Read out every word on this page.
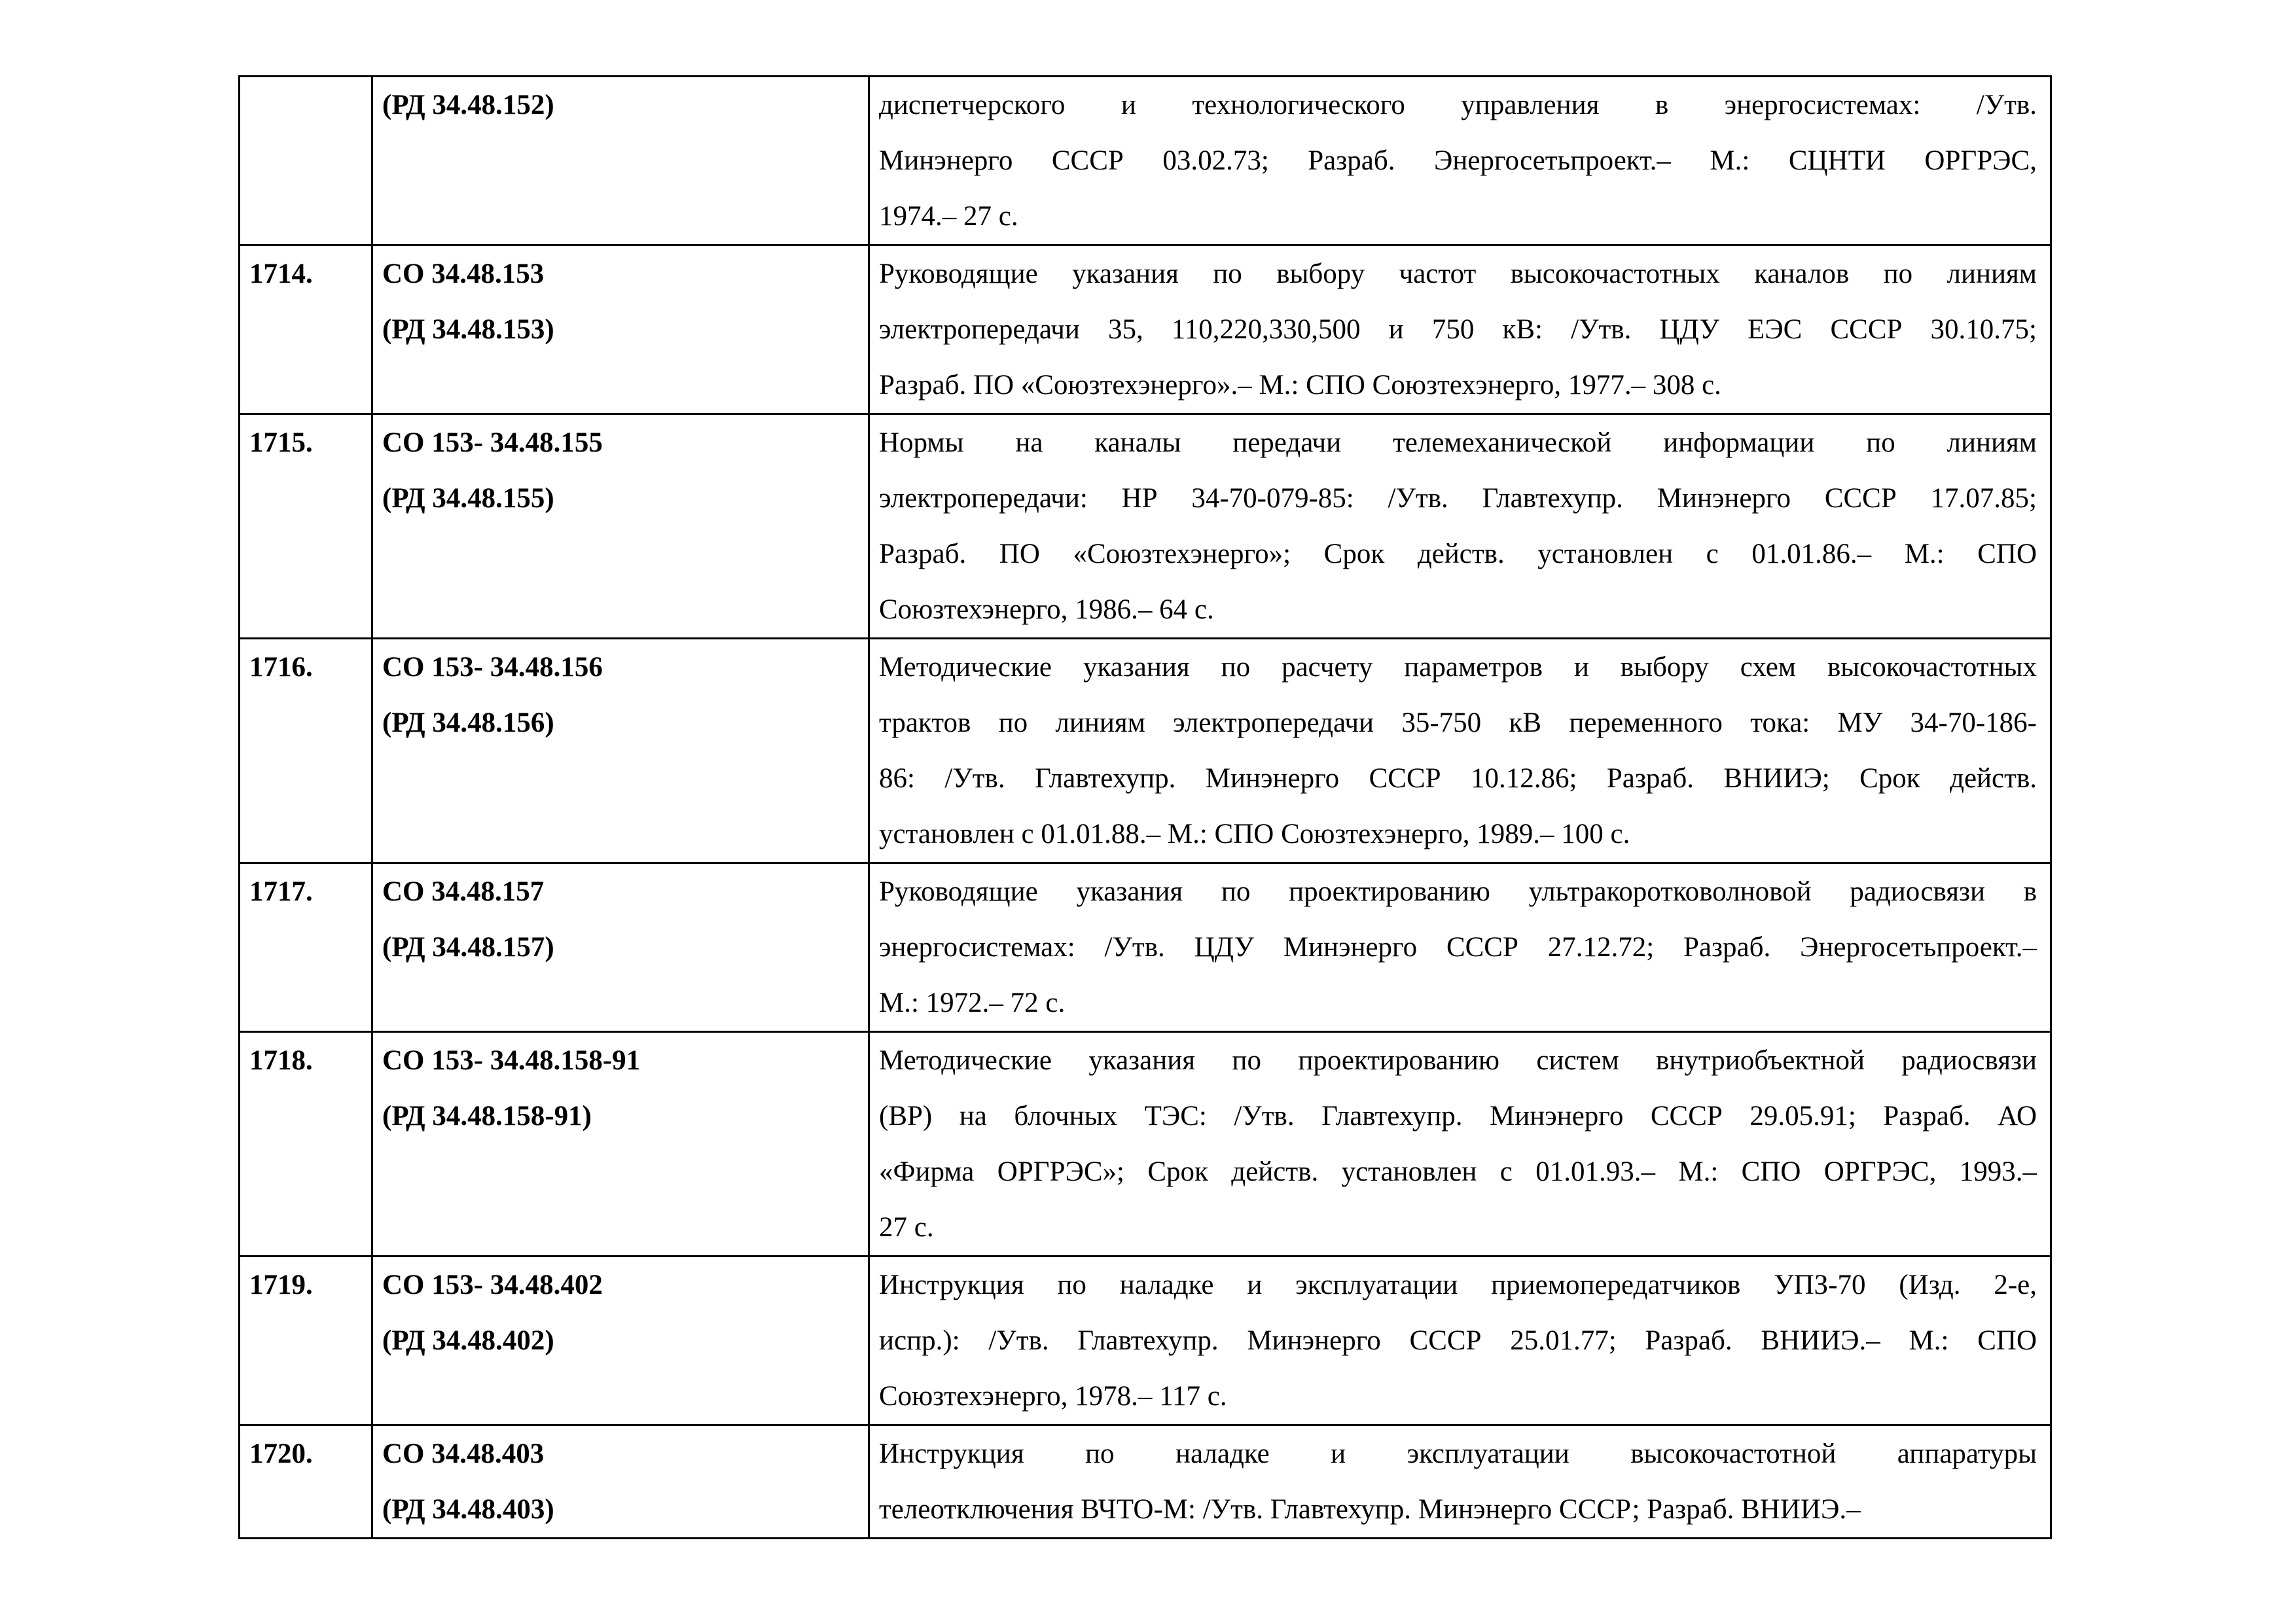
	(РД 34.48.152)	диспетчерского и технологического управления в энергосистемах: /Утв.
Минэнерго СССР 03.02.73; Разраб. Энергосетьпроект.– М.: СЦНТИ ОРГРЭС,
1974.– 27 с.

1714.	СО 34.48.153
(РД 34.48.153)	Руководящие указания по выбору частот высокочастотных каналов по линиям
электропередачи 35, 110,220,330,500 и 750 кВ: /Утв. ЦДУ ЕЭС СССР 30.10.75;
Разраб. ПО «Союзтехэнерго».– М.: СПО Союзтехэнерго, 1977.– 308 с.

1715.	СО 153- 34.48.155
(РД 34.48.155)	Нормы на каналы передачи телемеханической информации по линиям
электропередачи: НР 34-70-079-85: /Утв. Главтехупр. Минэнерго СССР 17.07.85;
Разраб. ПО «Союзтехэнерго»; Срок действ. установлен с 01.01.86.– М.: СПО
Союзтехэнерго, 1986.– 64 с.

1716.	СО 153- 34.48.156
(РД 34.48.156)	Методические указания по расчету параметров и выбору схем высокочастотных
трактов по линиям электропередачи 35-750 кВ переменного тока: МУ 34-70-186-
86: /Утв. Главтехупр. Минэнерго СССР 10.12.86; Разраб. ВНИИЭ; Срок действ.
установлен с 01.01.88.– М.: СПО Союзтехэнерго, 1989.– 100 с.

1717.	СО 34.48.157
(РД 34.48.157)	Руководящие указания по проектированию ультракоротковолновой радиосвязи в
энергосистемах: /Утв. ЦДУ Минэнерго СССР 27.12.72; Разраб. Энергосетьпроект.–
М.: 1972.– 72 с.

1718.	СО 153- 34.48.158-91
(РД 34.48.158-91)	Методические указания по проектированию систем внутриобъектной радиосвязи
(ВР) на блочных ТЭС: /Утв. Главтехупр. Минэнерго СССР 29.05.91; Разраб. АО
«Фирма ОРГРЭС»; Срок действ. установлен с 01.01.93.– М.: СПО ОРГРЭС, 1993.–
27 с.

1719.	СО 153- 34.48.402
(РД 34.48.402)	Инструкция по наладке и эксплуатации приемопередатчиков УПЗ-70 (Изд. 2-е,
испр.): /Утв. Главтехупр. Минэнерго СССР 25.01.77; Разраб. ВНИИЭ.– М.: СПО
Союзтехэнерго, 1978.– 117 с.

1720.	СО 34.48.403
(РД 34.48.403)	Инструкция по наладке и эксплуатации высокочастотной аппаратуры
телеотключения ВЧТО-М: /Утв. Главтехупр. Минэнерго СССР; Разраб. ВНИИЭ.–
